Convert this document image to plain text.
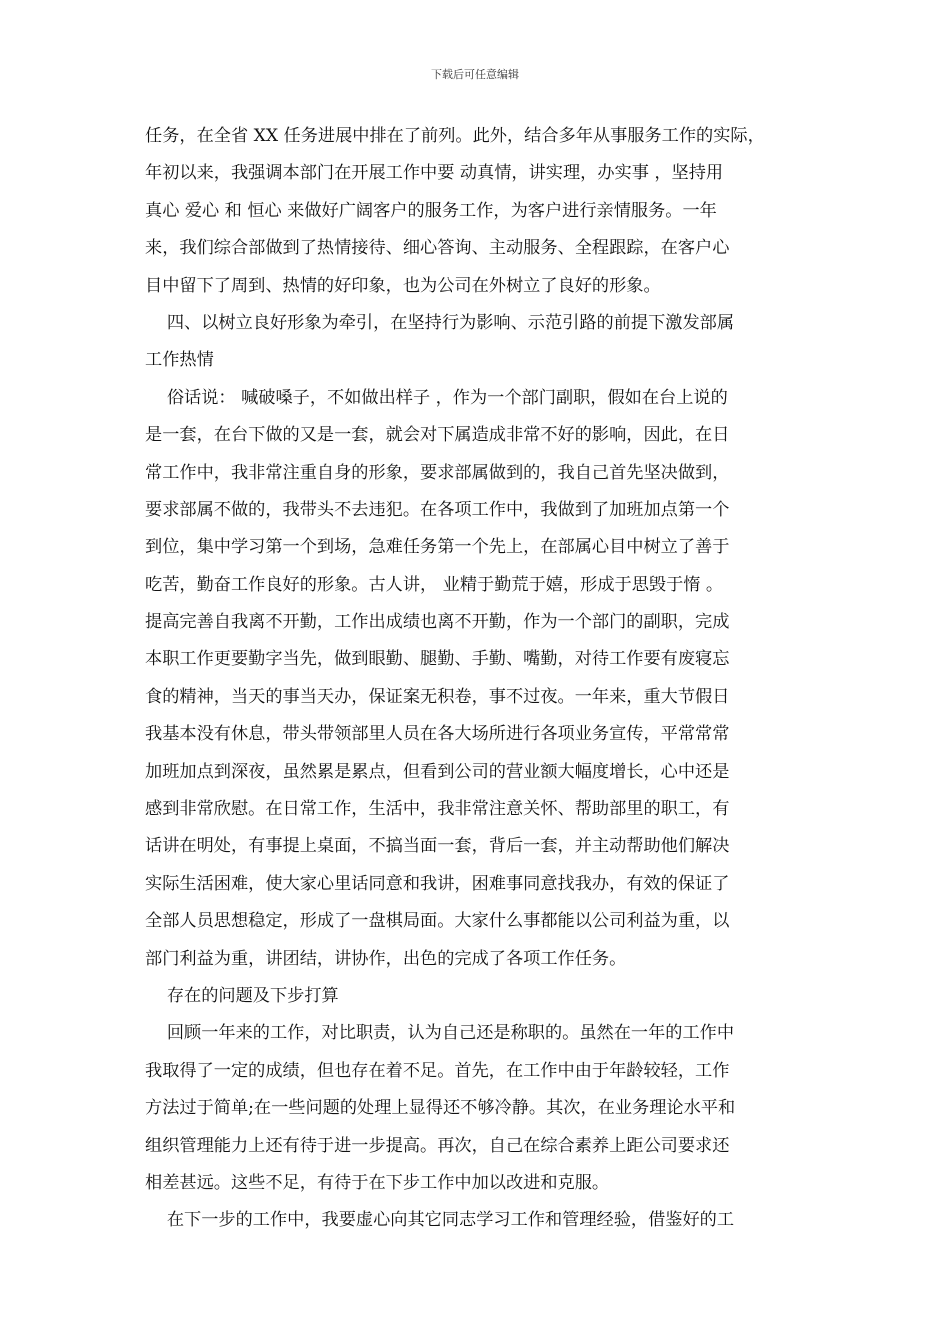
下载后可任意编辑
任务，在全省 XX 任务进展中排在了前列。此外，结合多年从事服务工作的实际，
年初以来，我强调本部门在开展工作中要 动真情，讲实理，办实事 ，坚持用
真心 爱心 和 恒心 来做好广阔客户的服务工作，为客户进行亲情服务。一年
来，我们综合部做到了热情接待、细心答询、主动服务、全程跟踪，在客户心
目中留下了周到、热情的好印象，也为公司在外树立了良好的形象。
四、以树立良好形象为牵引，在坚持行为影响、示范引路的前提下激发部属
工作热情
俗话说： 喊破嗓子，不如做出样子 ，作为一个部门副职，假如在台上说的
是一套，在台下做的又是一套，就会对下属造成非常不好的影响，因此，在日
常工作中，我非常注重自身的形象，要求部属做到的，我自己首先坚决做到，
要求部属不做的，我带头不去违犯。在各项工作中，我做到了加班加点第一个
到位，集中学习第一个到场，急难任务第一个先上，在部属心目中树立了善于
吃苦，勤奋工作良好的形象。古人讲， 业精于勤荒于嬉，形成于思毁于惰 。
提高完善自我离不开勤，工作出成绩也离不开勤，作为一个部门的副职，完成
本职工作更要勤字当先，做到眼勤、腿勤、手勤、嘴勤，对待工作要有废寝忘
食的精神，当天的事当天办，保证案无积卷，事不过夜。一年来，重大节假日
我基本没有休息，带头带领部里人员在各大场所进行各项业务宣传，平常常常
加班加点到深夜，虽然累是累点，但看到公司的营业额大幅度增长，心中还是
感到非常欣慰。在日常工作，生活中，我非常注意关怀、帮助部里的职工，有
话讲在明处，有事提上桌面，不搞当面一套，背后一套，并主动帮助他们解决
实际生活困难，使大家心里话同意和我讲，困难事同意找我办，有效的保证了
全部人员思想稳定，形成了一盘棋局面。大家什么事都能以公司利益为重，以
部门利益为重，讲团结，讲协作，出色的完成了各项工作任务。
存在的问题及下步打算
回顾一年来的工作，对比职责，认为自己还是称职的。虽然在一年的工作中
我取得了一定的成绩，但也存在着不足。首先，在工作中由于年龄较轻，工作
方法过于简单;在一些问题的处理上显得还不够冷静。其次，在业务理论水平和
组织管理能力上还有待于进一步提高。再次，自己在综合素养上距公司要求还
相差甚远。这些不足，有待于在下步工作中加以改进和克服。
在下一步的工作中，我要虚心向其它同志学习工作和管理经验，借鉴好的工
